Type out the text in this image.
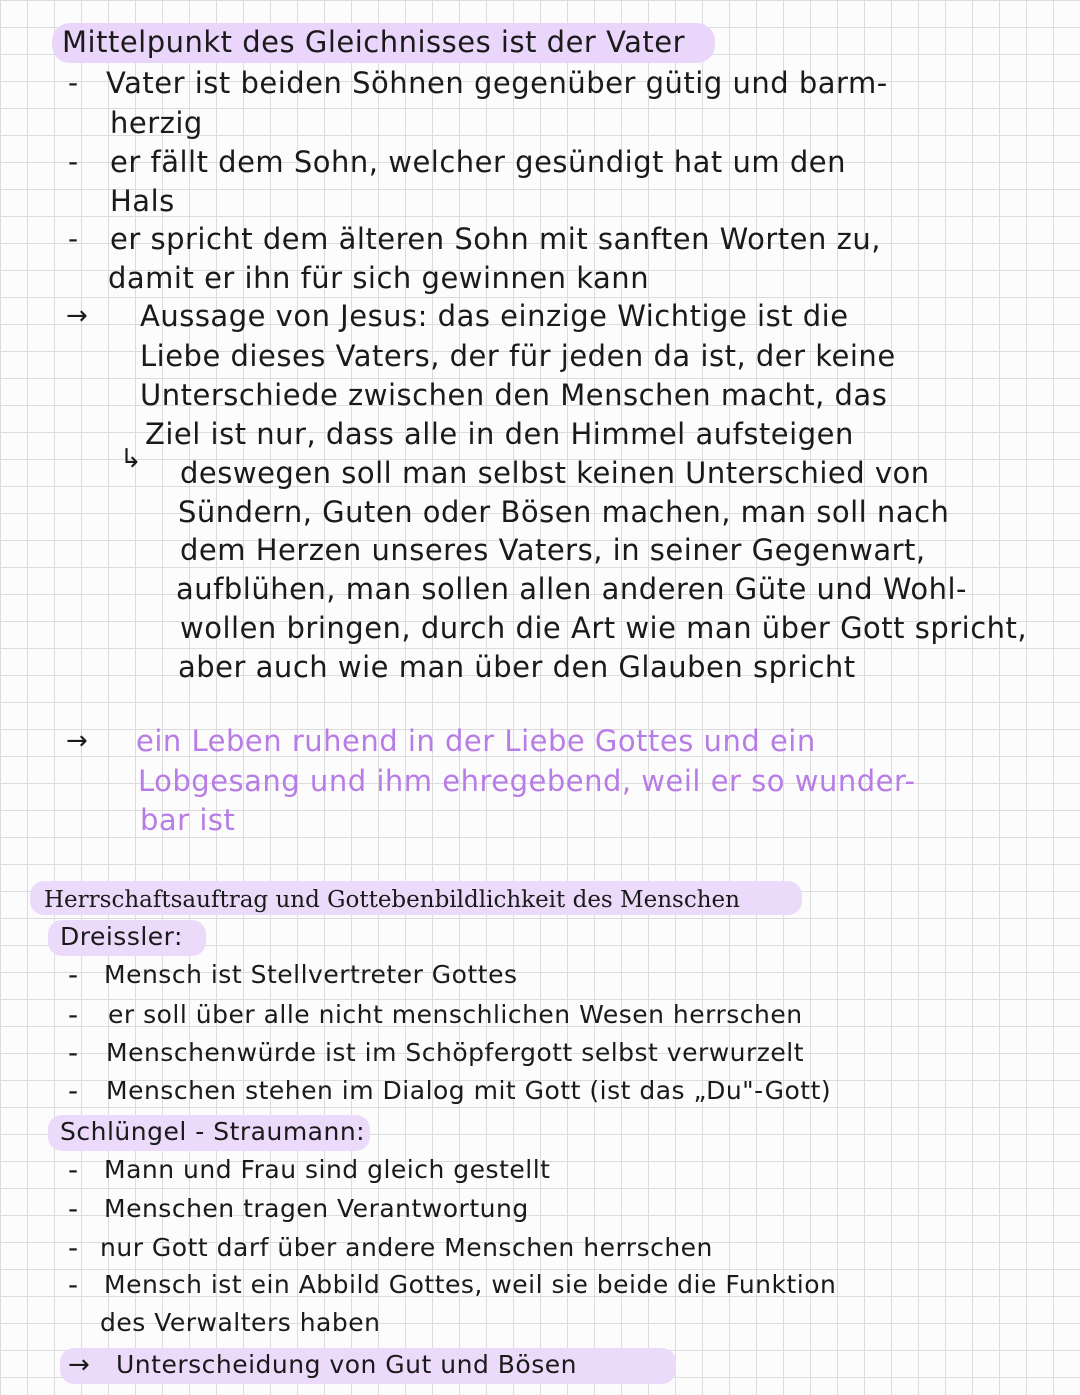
Mittelpunkt des Gleichnisses ist der Vater
- Vater ist beiden Söhnen gegenüber gütig und barm-
herzig
- er fällt dem Sohn, welcher gesündigt hat um den
Hals
- er spricht dem älteren Sohn mit sanften Worten zu,
damit er ihn für sich gewinnen kann
→ Aussage von Jesus: das einzige Wichtige ist die
Liebe dieses Vaters, der für jeden da ist, der keine
Unterschiede zwischen den Menschen macht, das
Ziel ist nur, dass alle in den Himmel aufsteigen
↳ deswegen soll man selbst keinen Unterschied von
Sündern, Guten oder Bösen machen, man soll nach
dem Herzen unseres Vaters, in seiner Gegenwart,
aufblühen, man sollen allen anderen Güte und Wohl-
wollen bringen, durch die Art wie man über Gott spricht,
aber auch wie man über den Glauben spricht
→ ein Leben ruhend in der Liebe Gottes und ein
Lobgesang und ihm ehregebend, weil er so wunder-
bar ist
Herrschaftsauftrag und Gottebenbildlichkeit des Menschen
Dreissler:
- Mensch ist Stellvertreter Gottes
- er soll über alle nicht menschlichen Wesen herrschen
- Menschenwürde ist im Schöpfergott selbst verwurzelt
- Menschen stehen im Dialog mit Gott (ist das „Du"-Gott)
Schlüngel - Straumann:
- Mann und Frau sind gleich gestellt
- Menschen tragen Verantwortung
- nur Gott darf über andere Menschen herrschen
- Mensch ist ein Abbild Gottes, weil sie beide die Funktion
des Verwalters haben
→ Unterscheidung von Gut und Bösen
